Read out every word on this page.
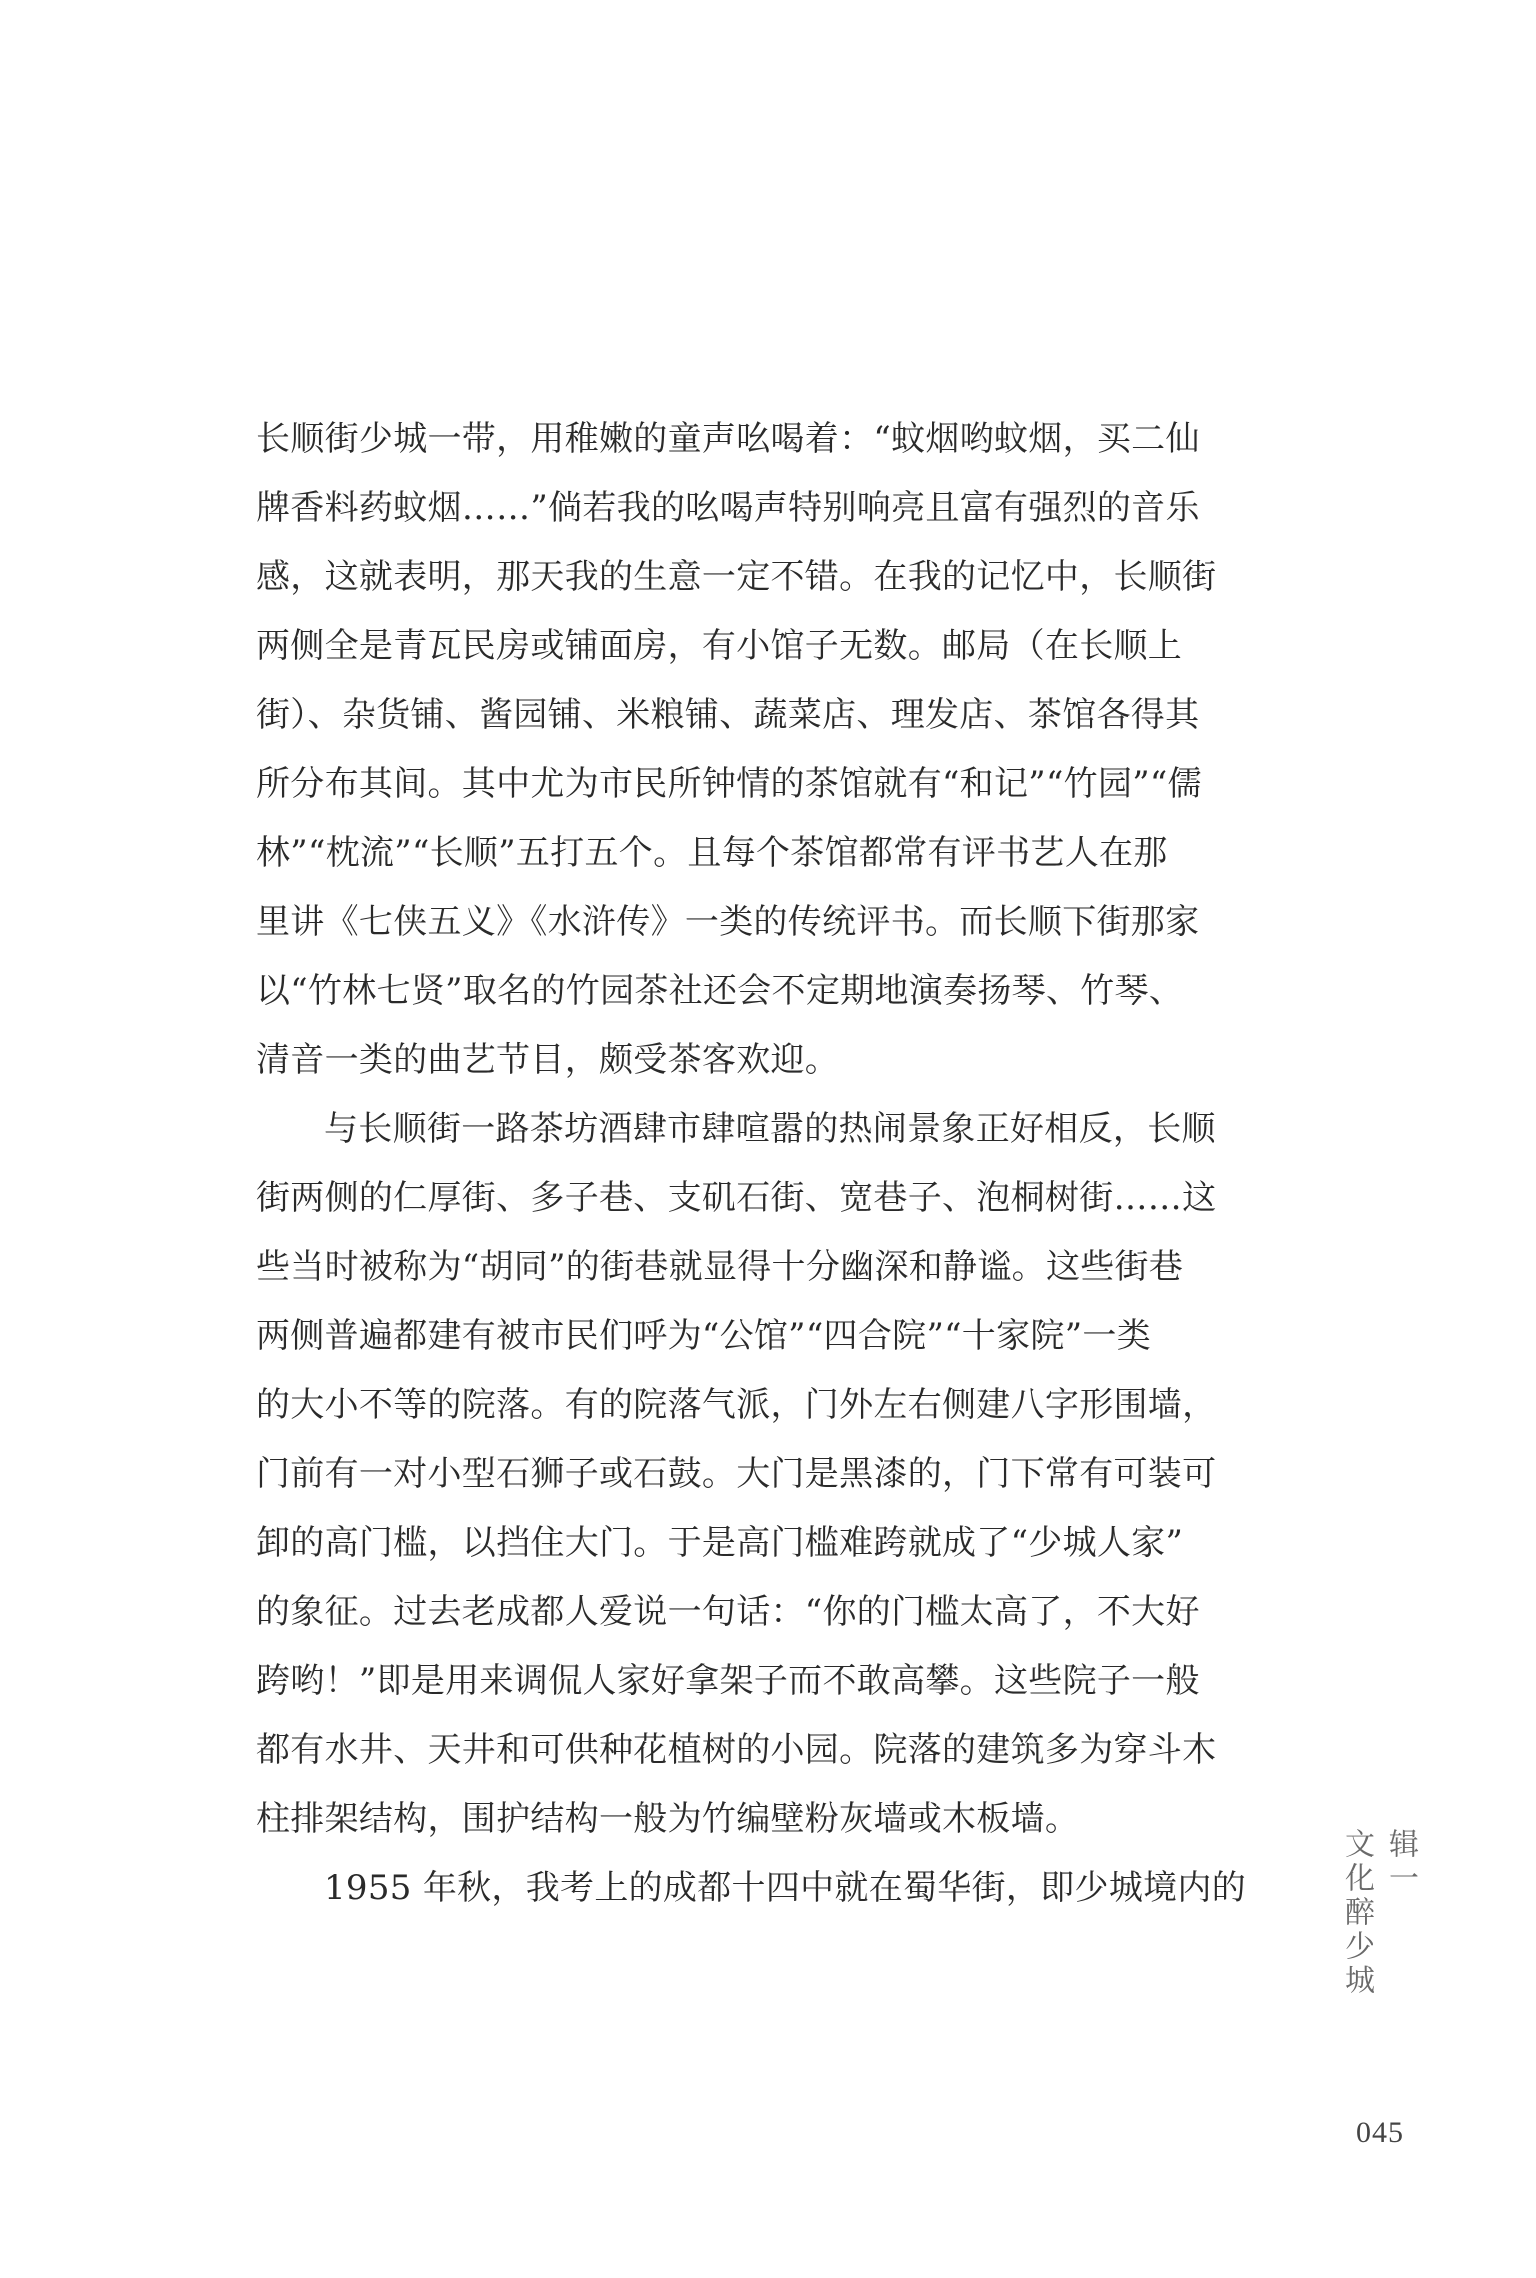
长顺街少城一带，用稚嫩的童声吆喝着：“蚊烟哟蚊烟，买二仙
牌香料药蚊烟……”倘若我的吆喝声特别响亮且富有强烈的音乐
感，这就表明，那天我的生意一定不错。在我的记忆中，长顺街
两侧全是青瓦民房或铺面房，有小馆子无数。邮局（在长顺上
街）、杂货铺、酱园铺、米粮铺、蔬菜店、理发店、茶馆各得其
所分布其间。其中尤为市民所钟情的茶馆就有“和记”“竹园”“儒
林”“枕流”“长顺”五打五个。且每个茶馆都常有评书艺人在那
里讲《七侠五义》《水浒传》一类的传统评书。而长顺下街那家
以“竹林七贤”取名的竹园茶社还会不定期地演奏扬琴、竹琴、
清音一类的曲艺节目，颇受茶客欢迎。
与长顺街一路茶坊酒肆市肆喧嚣的热闹景象正好相反，长顺
街两侧的仁厚街、多子巷、支矶石街、宽巷子、泡桐树街……这
些当时被称为“胡同”的街巷就显得十分幽深和静谧。这些街巷
两侧普遍都建有被市民们呼为“公馆”“四合院”“十家院”一类
的大小不等的院落。有的院落气派，门外左右侧建八字形围墙，
门前有一对小型石狮子或石鼓。大门是黑漆的，门下常有可装可
卸的高门槛，以挡住大门。于是高门槛难跨就成了“少城人家”
的象征。过去老成都人爱说一句话：“你的门槛太高了，不大好
跨哟！”即是用来调侃人家好拿架子而不敢高攀。这些院子一般
都有水井、天井和可供种花植树的小园。院落的建筑多为穿斗木
柱排架结构，围护结构一般为竹编壁粉灰墙或木板墙。
1955 年秋，我考上的成都十四中就在蜀华街，即少城境内的	辑一
文化醉少城
045
